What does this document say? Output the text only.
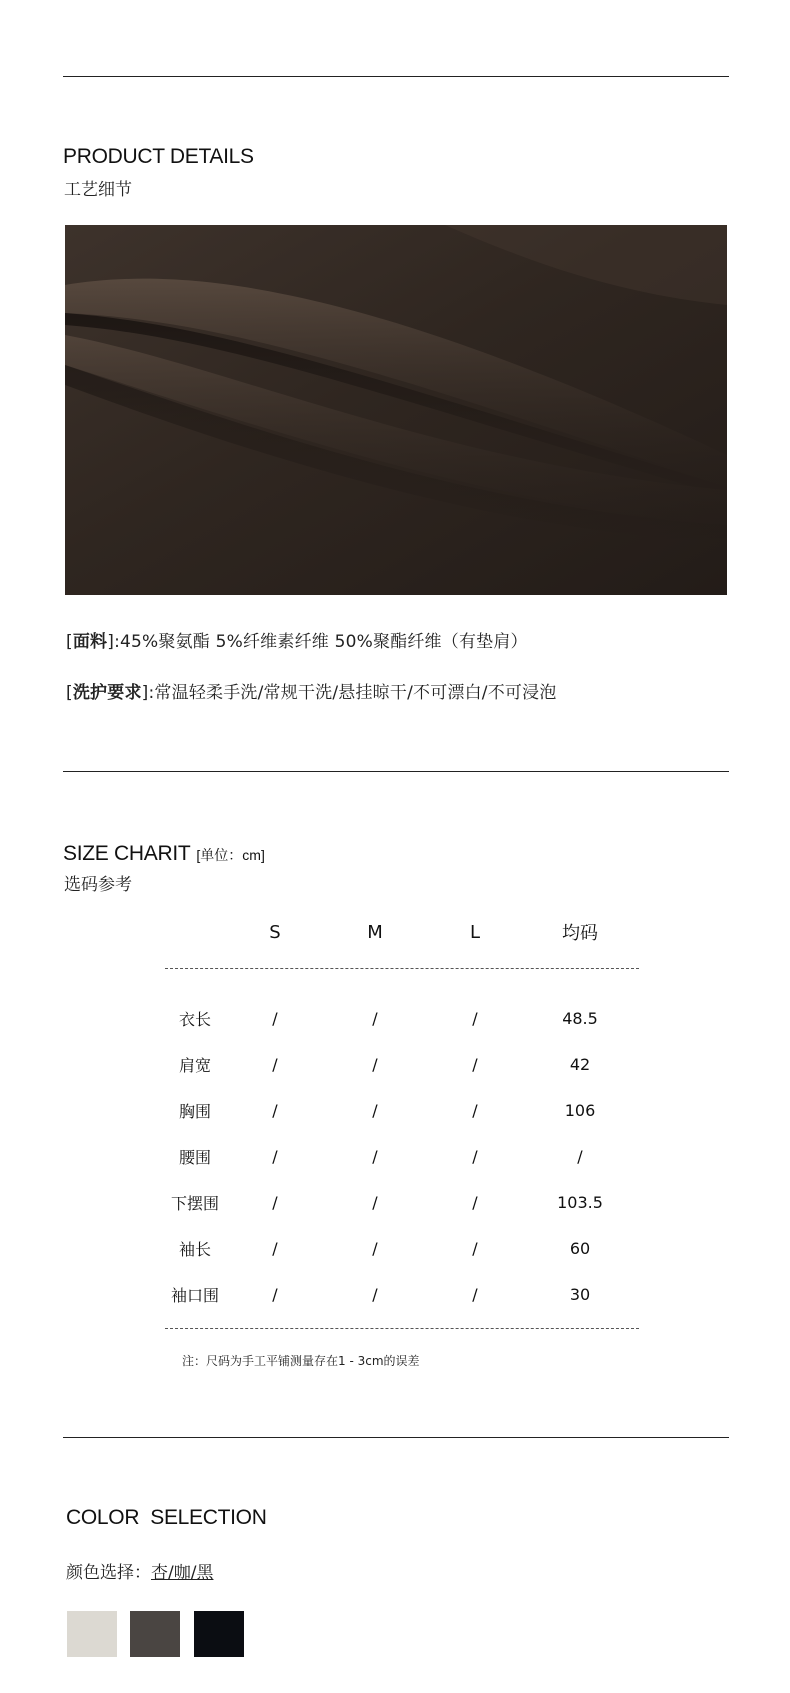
PRODUCT DETAILS
工艺细节
[面料]:45%聚氨酯 5%纤维素纤维 50%聚酯纤维（有垫肩）
[洗护要求]:常温轻柔手洗/常规干洗/悬挂晾干/不可漂白/不可浸泡
SIZE CHARIT [单位：cm]
选码参考
	S	M	L	均码

衣长	/	/	/	48.5
肩宽	/	/	/	42
胸围	/	/	/	106
腰围	/	/	/	/
下摆围	/	/	/	103.5
袖长	/	/	/	60
袖口围	/	/	/	30
注：尺码为手工平铺测量存在1 - 3cm的误差
COLOR  SELECTION
颜色选择：杏/咖/黑
